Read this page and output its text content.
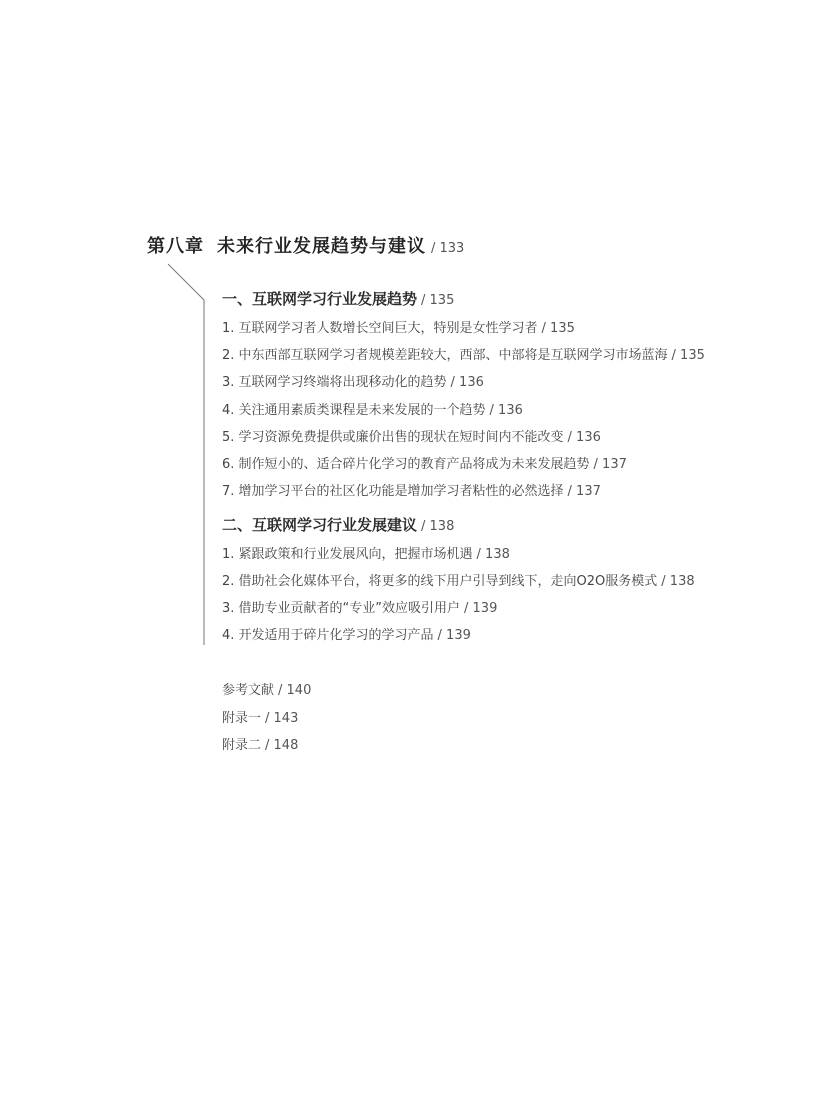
第八章 未来行业发展趋势与建议 / 133
一、互联网学习行业发展趋势 / 135
1. 互联网学习者人数增长空间巨大，特别是女性学习者 / 135
2. 中东西部互联网学习者规模差距较大，西部、中部将是互联网学习市场蓝海 / 135
3. 互联网学习终端将出现移动化的趋势 / 136
4. 关注通用素质类课程是未来发展的一个趋势 / 136
5. 学习资源免费提供或廉价出售的现状在短时间内不能改变 / 136
6. 制作短小的、适合碎片化学习的教育产品将成为未来发展趋势 / 137
7. 增加学习平台的社区化功能是增加学习者粘性的必然选择 / 137
二、互联网学习行业发展建议 / 138
1. 紧跟政策和行业发展风向，把握市场机遇 / 138
2. 借助社会化媒体平台，将更多的线下用户引导到线下，走向O2O服务模式 / 138
3. 借助专业贡献者的“专业”效应吸引用户 / 139
4. 开发适用于碎片化学习的学习产品 / 139
参考文献 / 140
附录一 / 143
附录二 / 148
